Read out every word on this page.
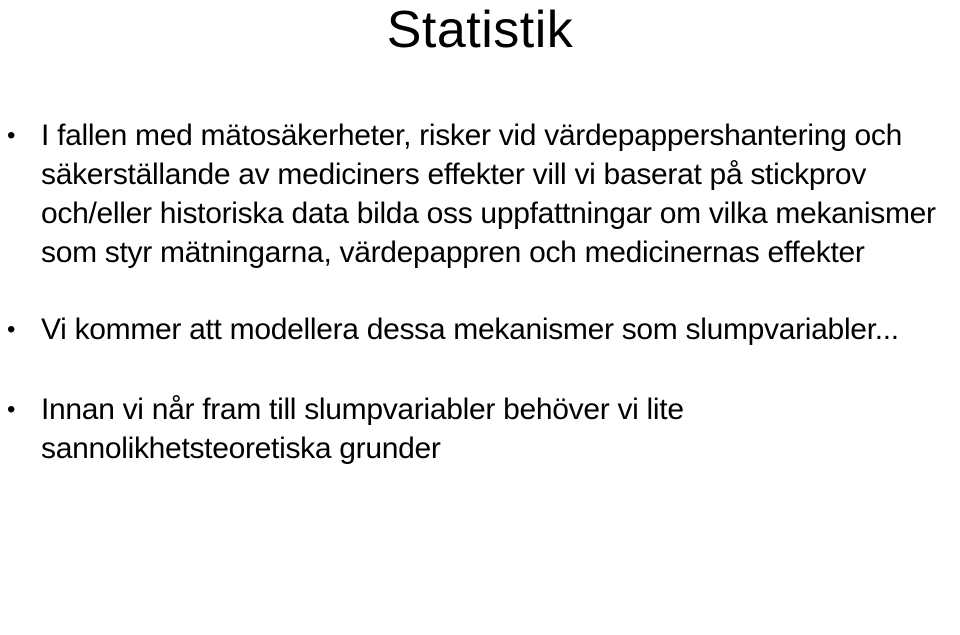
Statistik
• I fallen med mätosäkerheter, risker vid värdepappershantering och säkerställande av mediciners effekter vill vi baserat på stickprov och/eller historiska data bilda oss uppfattningar om vilka mekanismer som styr mätningarna, värdepappren och medicinernas effekter
• Vi kommer att modellera dessa mekanismer som slumpvariabler...
• Innan vi når fram till slumpvariabler behöver vi lite sannolikhetsteoretiska grunder
